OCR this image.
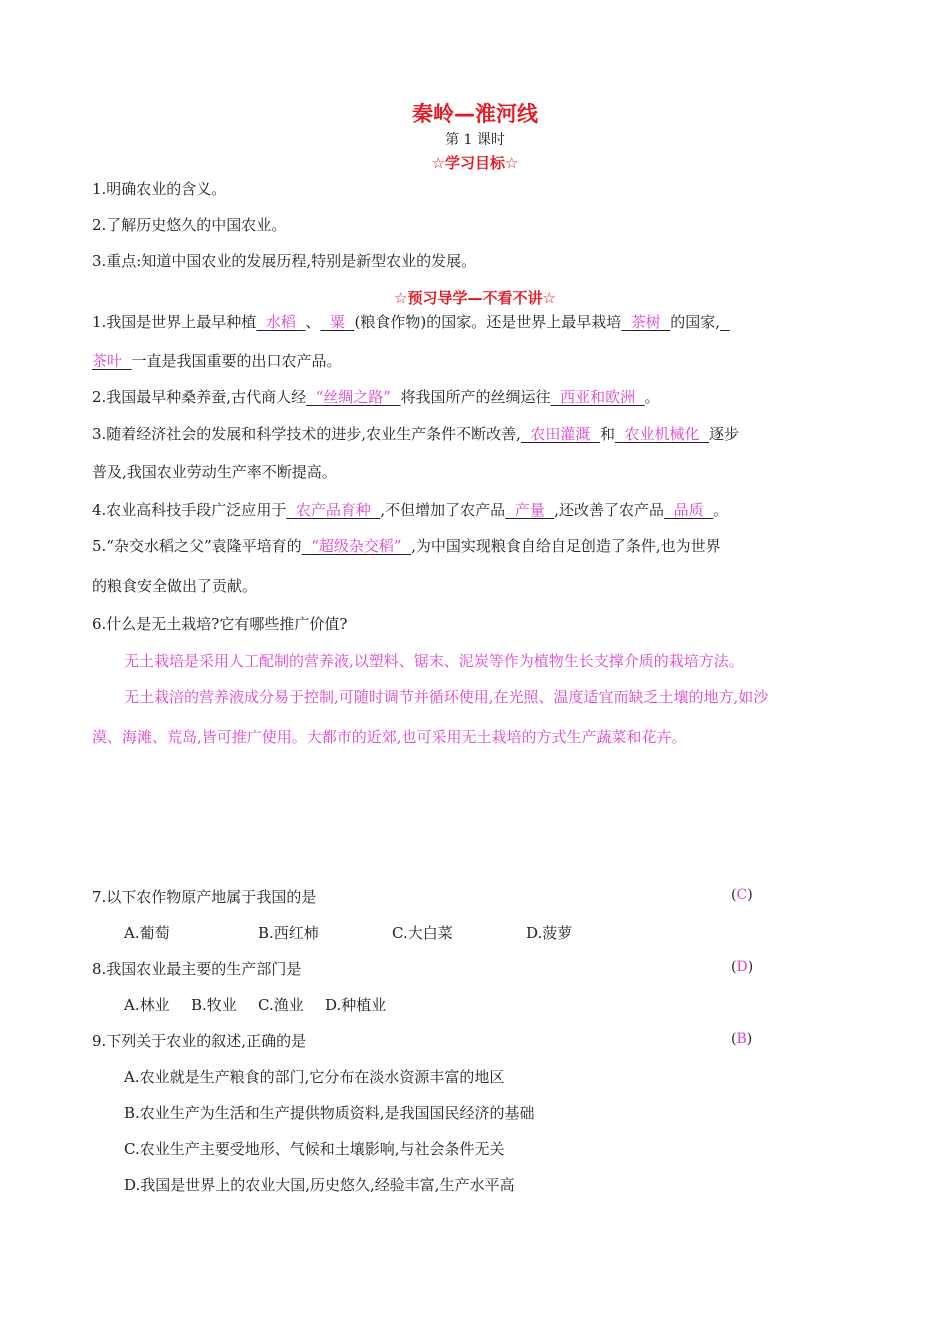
秦岭—淮河线
第 1 课时
☆学习目标☆
1.明确农业的含义。
2.了解历史悠久的中国农业。
3.重点:知道中国农业的发展历程,特别是新型农业的发展。
☆预习导学—不看不讲☆
1.我国是世界上最早种植  水稻  、  粟  (粮食作物)的国家。还是世界上最早栽培  茶树  的国家,
茶叶  一直是我国重要的出口农产品。
2.我国最早种桑养蚕,古代商人经  “丝绸之路”  将我国所产的丝绸运往  西亚和欧洲  。
3.随着经济社会的发展和科学技术的进步,农业生产条件不断改善,  农田灌溉  和  农业机械化  逐步
普及,我国农业劳动生产率不断提高。
4.农业高科技手段广泛应用于  农产品育种  ,不但增加了农产品  产量  ,还改善了农产品  品质  。
5.“杂交水稻之父”袁隆平培育的  “超级杂交稻”  ,为中国实现粮食自给自足创造了条件,也为世界
的粮食安全做出了贡献。
6.什么是无土栽培?它有哪些推广价值?
无土栽培是采用人工配制的营养液,以塑料、锯末、泥炭等作为植物生长支撑介质的栽培方法。
无土栽涪的营养液成分易于控制,可随时调节并循环使用,在光照、温度适宜而缺乏土壤的地方,如沙
漠、海滩、荒岛,皆可推广使用。大都市的近郊,也可采用无土栽培的方式生产蔬菜和花卉。
7.以下农作物原产地属于我国的是	(C)
A.葡萄	B.西红柿	C.大白菜	D.菠萝
8.我国农业最主要的生产部门是	(D)
A.林业 B.牧业 C.渔业 D.种植业
9.下列关于农业的叙述,正确的是	(B)
A.农业就是生产粮食的部门,它分布在淡水资源丰富的地区
B.农业生产为生活和生产提供物质资料,是我国国民经济的基础
C.农业生产主要受地形、气候和土壤影响,与社会条件无关
D.我国是世界上的农业大国,历史悠久,经验丰富,生产水平高
